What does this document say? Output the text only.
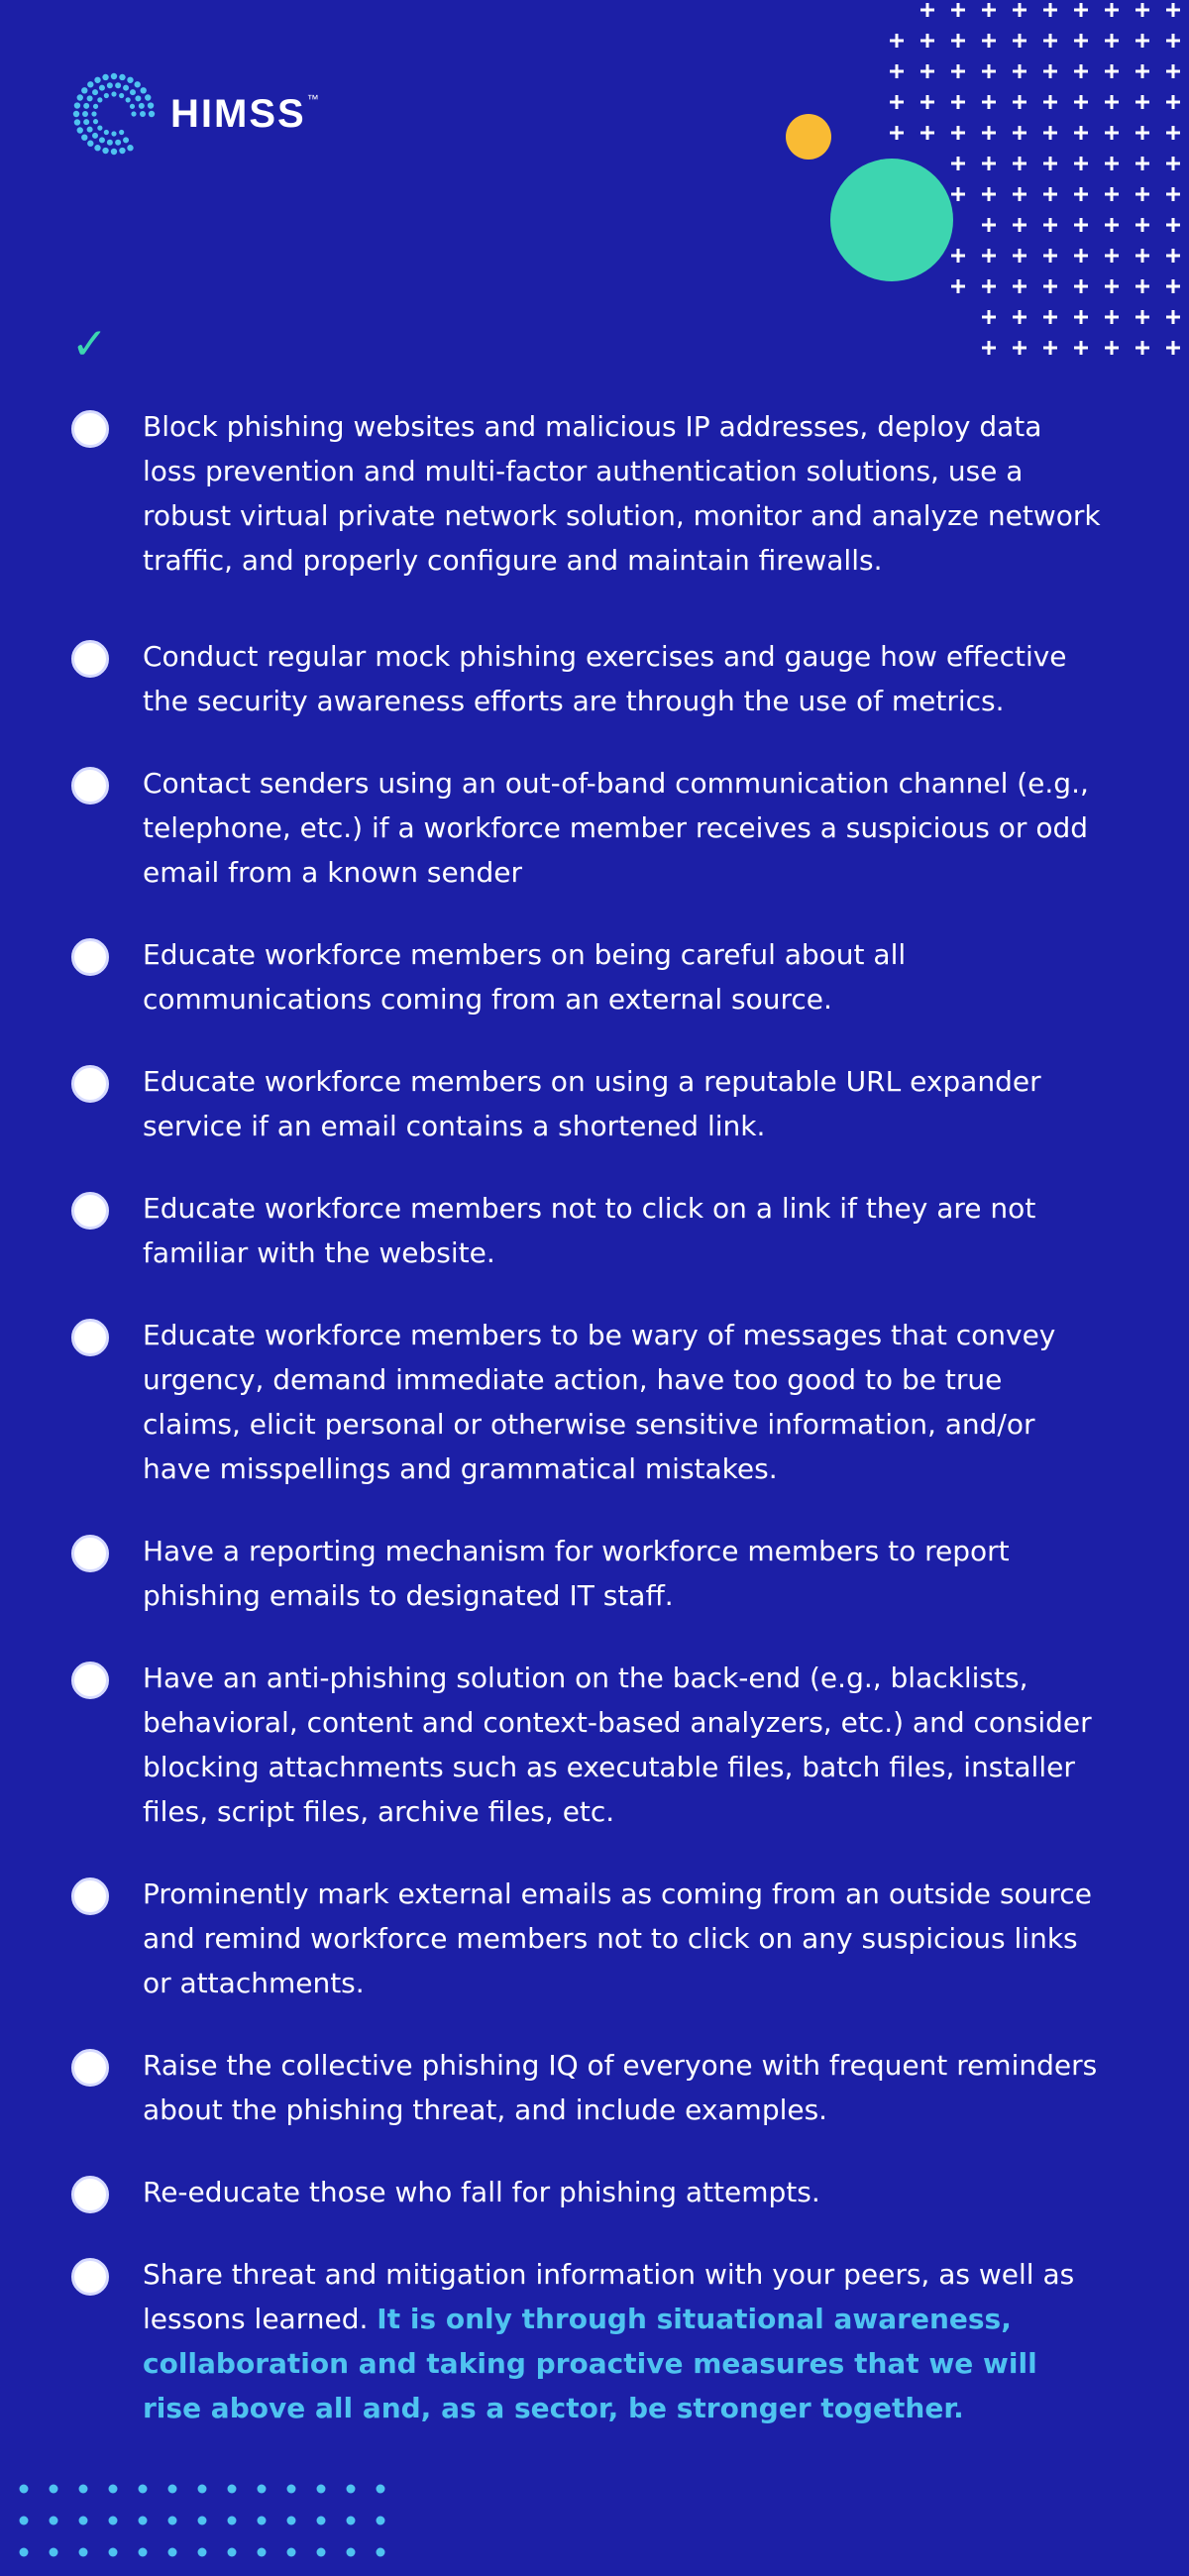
HIMSS™
✓
Block phishing websites and malicious IP addresses, deploy data loss prevention and multi-factor authentication solutions, use a robust virtual private network solution, monitor and analyze network traffic, and properly configure and maintain firewalls.
Conduct regular mock phishing exercises and gauge how effective the security awareness efforts are through the use of metrics.
Contact senders using an out-of-band communication channel (e.g., telephone, etc.) if a workforce member receives a suspicious or odd email from a known sender
Educate workforce members on being careful about all communications coming from an external source.
Educate workforce members on using a reputable URL expander service if an email contains a shortened link.
Educate workforce members not to click on a link if they are not familiar with the website.
Educate workforce members to be wary of messages that convey urgency, demand immediate action, have too good to be true claims, elicit personal or otherwise sensitive information, and/or have misspellings and grammatical mistakes.
Have a reporting mechanism for workforce members to report phishing emails to designated IT staff.
Have an anti-phishing solution on the back-end (e.g., blacklists, behavioral, content and context-based analyzers, etc.) and consider blocking attachments such as executable files, batch files, installer files, script files, archive files, etc.
Prominently mark external emails as coming from an outside source and remind workforce members not to click on any suspicious links or attachments.
Raise the collective phishing IQ of everyone with frequent reminders about the phishing threat, and include examples.
Re-educate those who fall for phishing attempts.
Share threat and mitigation information with your peers, as well as lessons learned. It is only through situational awareness, collaboration and taking proactive measures that we will rise above all and, as a sector, be stronger together.
